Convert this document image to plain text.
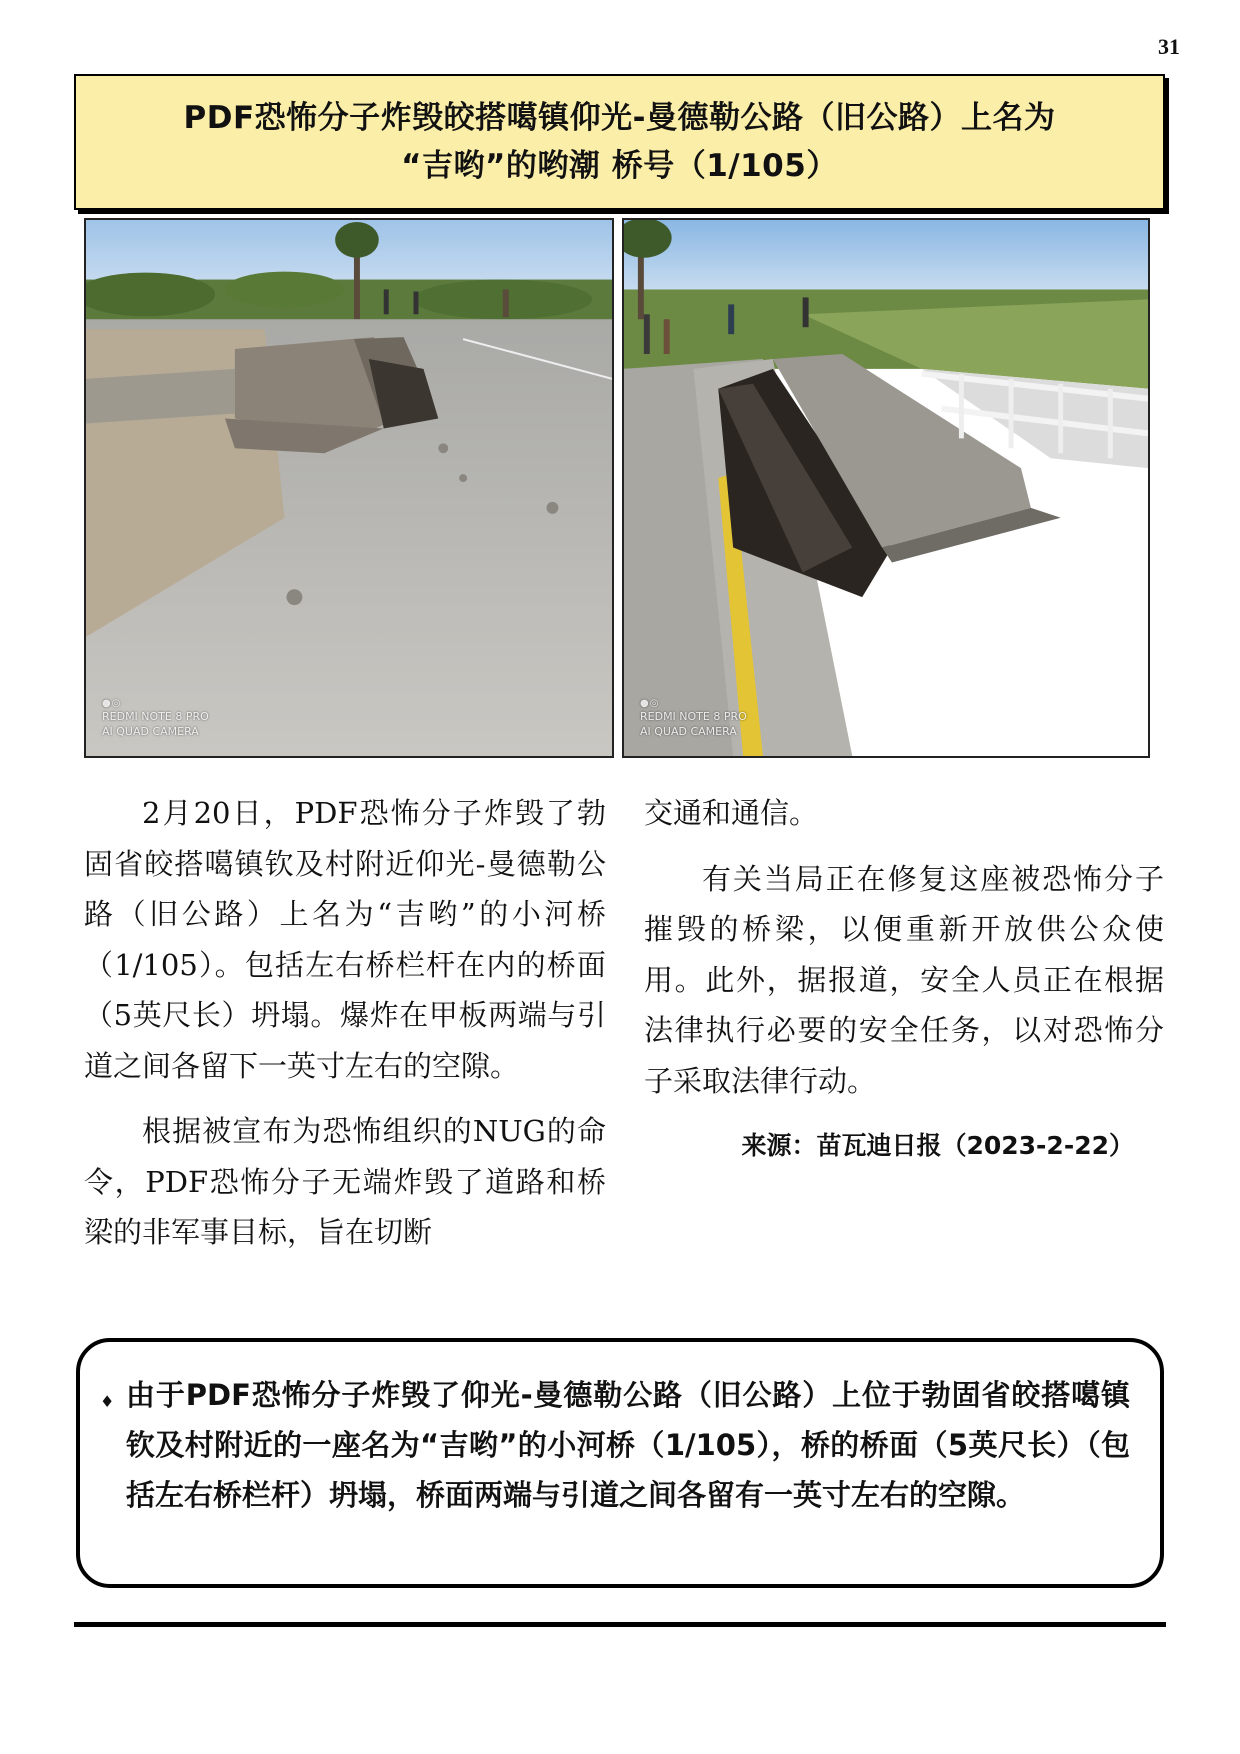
31
PDF恐怖分子炸毁皎搭噶镇仰光-曼德勒公路（旧公路）上名为
“吉哟”的哟潮 桥号（1/105）
●◎
REDMI NOTE 8 PRO
AI QUAD CAMERA
●◎
REDMI NOTE 8 PRO
AI QUAD CAMERA

2月20日，PDF恐怖分子炸毁了勃固省皎搭噶镇钦及村附近仰光-曼德勒公路（旧公路）上名为“吉哟”的小河桥（1/105）。包括左右桥栏杆在内的桥面（5英尺长）坍塌。爆炸在甲板两端与引道之间各留下一英寸左右的空隙。

根据被宣布为恐怖组织的NUG的命令，PDF恐怖分子无端炸毁了道路和桥梁的非军事目标，旨在切断

交通和通信。

有关当局正在修复这座被恐怖分子摧毁的桥梁，以便重新开放供公众使用。此外，据报道，安全人员正在根据法律执行必要的安全任务，以对恐怖分子采取法律行动。

来源：苗瓦迪日报（2023-2-22）

♦ 由于PDF恐怖分子炸毁了仰光-曼德勒公路（旧公路）上位于勃固省皎搭噶镇钦及村附近的一座名为“吉哟”的小河桥（1/105），桥的桥面（5英尺长）（包括左右桥栏杆）坍塌，桥面两端与引道之间各留有一英寸左右的空隙。
